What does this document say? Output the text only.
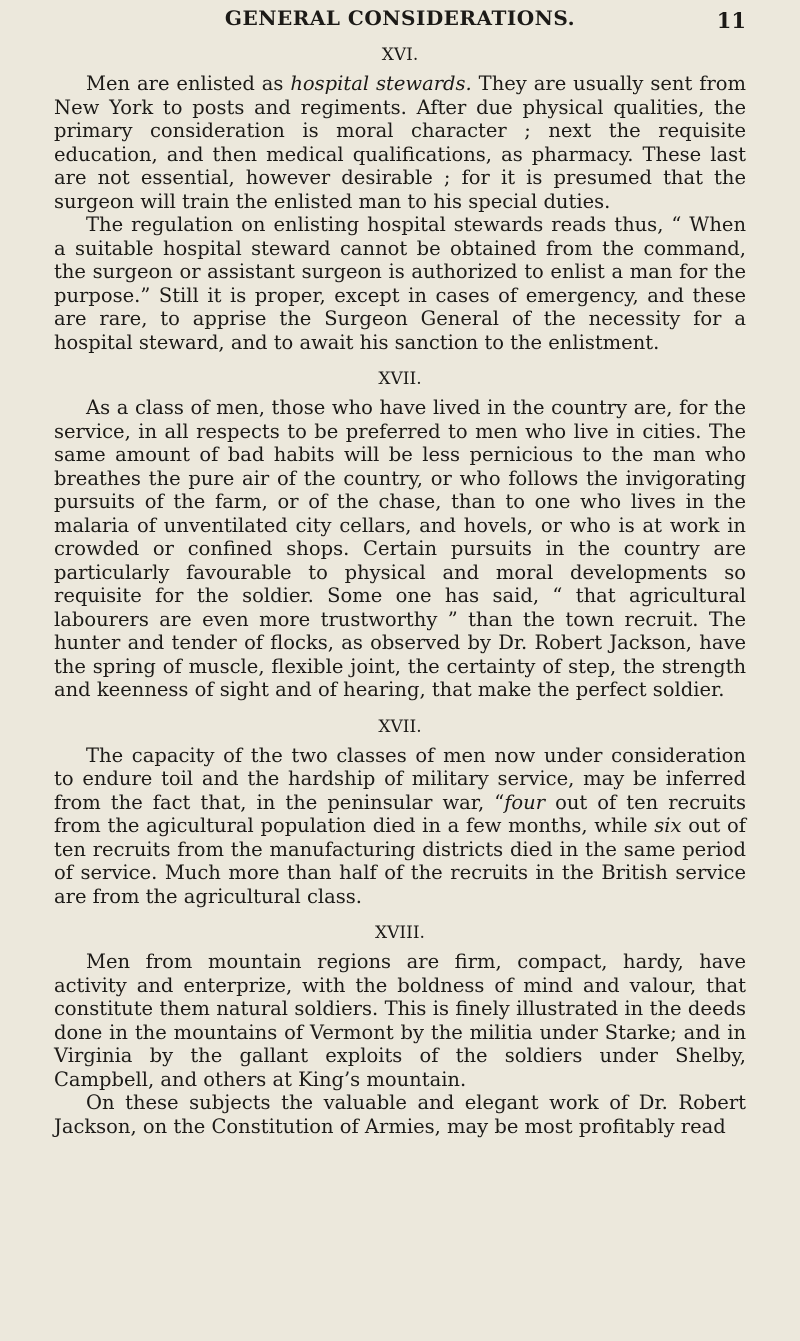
GENERAL CONSIDERATIONS.	11
XVI.

Men are enlisted as hospital stewards. They are usually sent from New York to posts and regiments. After due physical qualities, the primary consideration is moral character ; next the requisite education, and then medical qualifications, as pharmacy. These last are not essential, however desirable ; for it is presumed that the surgeon will train the enlisted man to his special duties.

The regulation on enlisting hospital stewards reads thus, “ When a suitable hospital steward cannot be obtained from the command, the surgeon or assistant surgeon is authorized to enlist a man for the purpose.” Still it is proper, except in cases of emergency, and these are rare, to apprise the Surgeon General of the necessity for a hospital steward, and to await his sanction to the enlistment.

XVII.

As a class of men, those who have lived in the country are, for the service, in all respects to be preferred to men who live in cities. The same amount of bad habits will be less pernicious to the man who breathes the pure air of the country, or who follows the invigorating pursuits of the farm, or of the chase, than to one who lives in the malaria of unventilated city cellars, and hovels, or who is at work in crowded or confined shops. Certain pursuits in the country are particularly favourable to physical and moral developments so requisite for the soldier. Some one has said, “ that agricultural labourers are even more trustworthy ” than the town recruit. The hunter and tender of flocks, as observed by Dr. Robert Jackson, have the spring of muscle, flexible joint, the certainty of step, the strength and keenness of sight and of hearing, that make the perfect soldier.

XVII.

The capacity of the two classes of men now under consideration to endure toil and the hardship of military service, may be inferred from the fact that, in the peninsular war, “four out of ten recruits from the agicultural population died in a few months, while six out of ten recruits from the manufacturing districts died in the same period of service. Much more than half of the recruits in the British service are from the agricultural class.

XVIII.

Men from mountain regions are firm, compact, hardy, have activity and enterprize, with the boldness of mind and valour, that constitute them natural soldiers. This is finely illustrated in the deeds done in the mountains of Vermont by the militia under Starke; and in Virginia by the gallant exploits of the soldiers under Shelby, Campbell, and others at King’s mountain.

On these subjects the valuable and elegant work of Dr. Robert Jackson, on the Constitution of Armies, may be most profitably read
